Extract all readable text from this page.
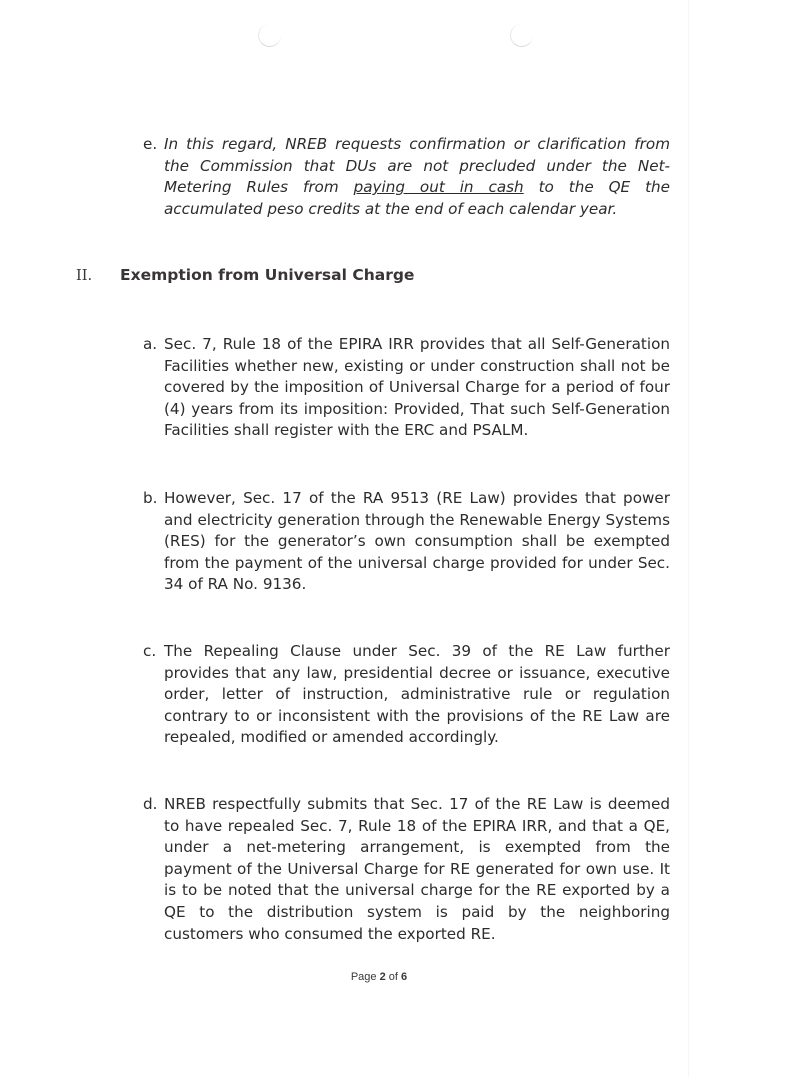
e. In this regard, NREB requests confirmation or clarification from the Commission that DUs are not precluded under the Net-Metering Rules from paying out in cash to the QE the accumulated peso credits at the end of each calendar year.
II. Exemption from Universal Charge
a. Sec. 7, Rule 18 of the EPIRA IRR provides that all Self-Generation Facilities whether new, existing or under construction shall not be covered by the imposition of Universal Charge for a period of four (4) years from its imposition: Provided, That such Self-Generation Facilities shall register with the ERC and PSALM.
b. However, Sec. 17 of the RA 9513 (RE Law) provides that power and electricity generation through the Renewable Energy Systems (RES) for the generator’s own consumption shall be exempted from the payment of the universal charge provided for under Sec. 34 of RA No. 9136.
c. The Repealing Clause under Sec. 39 of the RE Law further provides that any law, presidential decree or issuance, executive order, letter of instruction, administrative rule or regulation contrary to or inconsistent with the provisions of the RE Law are repealed, modified or amended accordingly.
d. NREB respectfully submits that Sec. 17 of the RE Law is deemed to have repealed Sec. 7, Rule 18 of the EPIRA IRR, and that a QE, under a net-metering arrangement, is exempted from the payment of the Universal Charge for RE generated for own use. It is to be noted that the universal charge for the RE exported by a QE to the distribution system is paid by the neighboring customers who consumed the exported RE.
Page 2 of 6
